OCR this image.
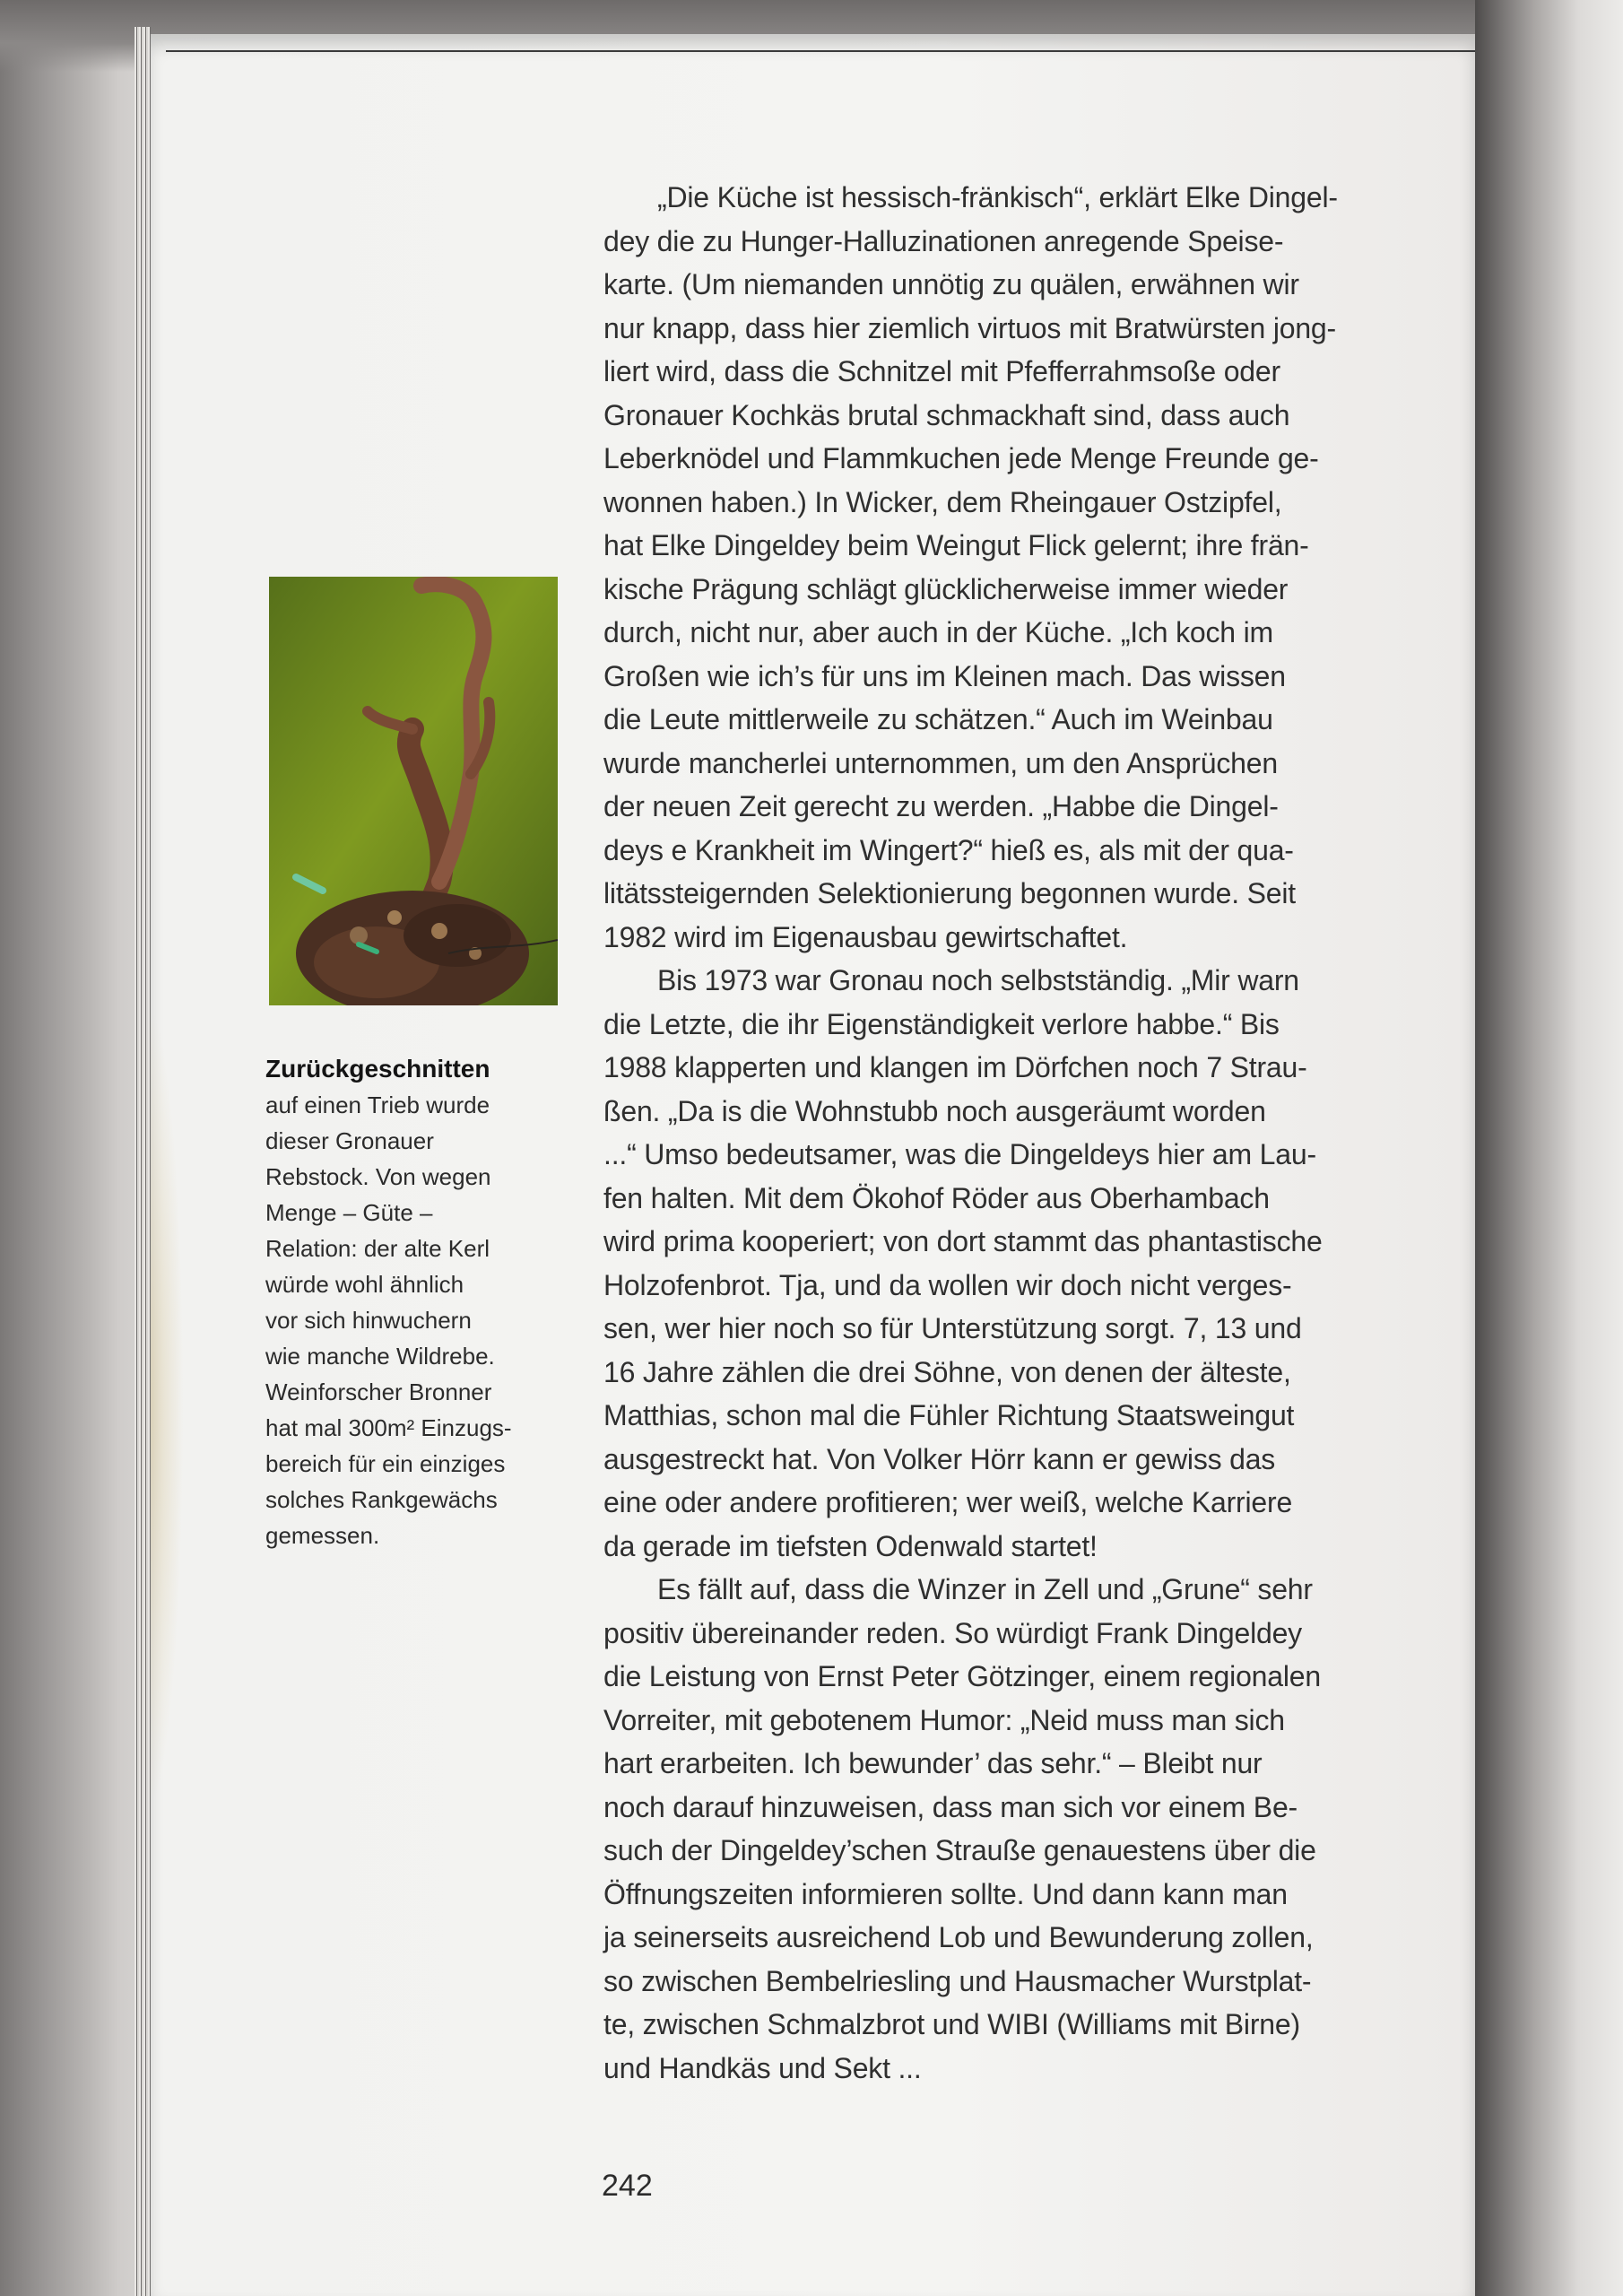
Zurückgeschnitten
auf einen Trieb wurde
dieser Gronauer
Rebstock. Von wegen
Menge – Güte –
Relation: der alte Kerl
würde wohl ähnlich
vor sich hinwuchern
wie manche Wildrebe.
Weinforscher Bronner
hat mal 300m² Einzugs-
bereich für ein einziges
solches Rankgewächs
gemessen.
„Die Küche ist hessisch-fränkisch“, erklärt Elke Dingel-
dey die zu Hunger-Halluzinationen anregende Speise-
karte. (Um niemanden unnötig zu quälen, erwähnen wir
nur knapp, dass hier ziemlich virtuos mit Bratwürsten jong-
liert wird, dass die Schnitzel mit Pfefferrahmsoße oder
Gronauer Kochkäs brutal schmackhaft sind, dass auch
Leberknödel und Flammkuchen jede Menge Freunde ge-
wonnen haben.) In Wicker, dem Rheingauer Ostzipfel,
hat Elke Dingeldey beim Weingut Flick gelernt; ihre frän-
kische Prägung schlägt glücklicherweise immer wieder
durch, nicht nur, aber auch in der Küche. „Ich koch im
Großen wie ich’s für uns im Kleinen mach. Das wissen
die Leute mittlerweile zu schätzen.“ Auch im Weinbau
wurde mancherlei unternommen, um den Ansprüchen
der neuen Zeit gerecht zu werden. „Habbe die Dingel-
deys e Krankheit im Wingert?“ hieß es, als mit der qua-
litätssteigernden Selektionierung begonnen wurde. Seit
1982 wird im Eigenausbau gewirtschaftet.
Bis 1973 war Gronau noch selbstständig. „Mir warn
die Letzte, die ihr Eigenständigkeit verlore habbe.“ Bis
1988 klapperten und klangen im Dörfchen noch 7 Strau-
ßen. „Da is die Wohnstubb noch ausgeräumt worden
...“ Umso bedeutsamer, was die Dingeldeys hier am Lau-
fen halten. Mit dem Ökohof Röder aus Oberhambach
wird prima kooperiert; von dort stammt das phantastische
Holzofenbrot. Tja, und da wollen wir doch nicht verges-
sen, wer hier noch so für Unterstützung sorgt. 7, 13 und
16 Jahre zählen die drei Söhne, von denen der älteste,
Matthias, schon mal die Fühler Richtung Staatsweingut
ausgestreckt hat. Von Volker Hörr kann er gewiss das
eine oder andere profitieren; wer weiß, welche Karriere
da gerade im tiefsten Odenwald startet!
Es fällt auf, dass die Winzer in Zell und „Grune“ sehr
positiv übereinander reden. So würdigt Frank Dingeldey
die Leistung von Ernst Peter Götzinger, einem regionalen
Vorreiter, mit gebotenem Humor: „Neid muss man sich
hart erarbeiten. Ich bewunder’ das sehr.“ – Bleibt nur
noch darauf hinzuweisen, dass man sich vor einem Be-
such der Dingeldey’schen Strauße genauestens über die
Öffnungszeiten informieren sollte. Und dann kann man
ja seinerseits ausreichend Lob und Bewunderung zollen,
so zwischen Bembelriesling und Hausmacher Wurstplat-
te, zwischen Schmalzbrot und WIBI (Williams mit Birne)
und Handkäs und Sekt ...
242
